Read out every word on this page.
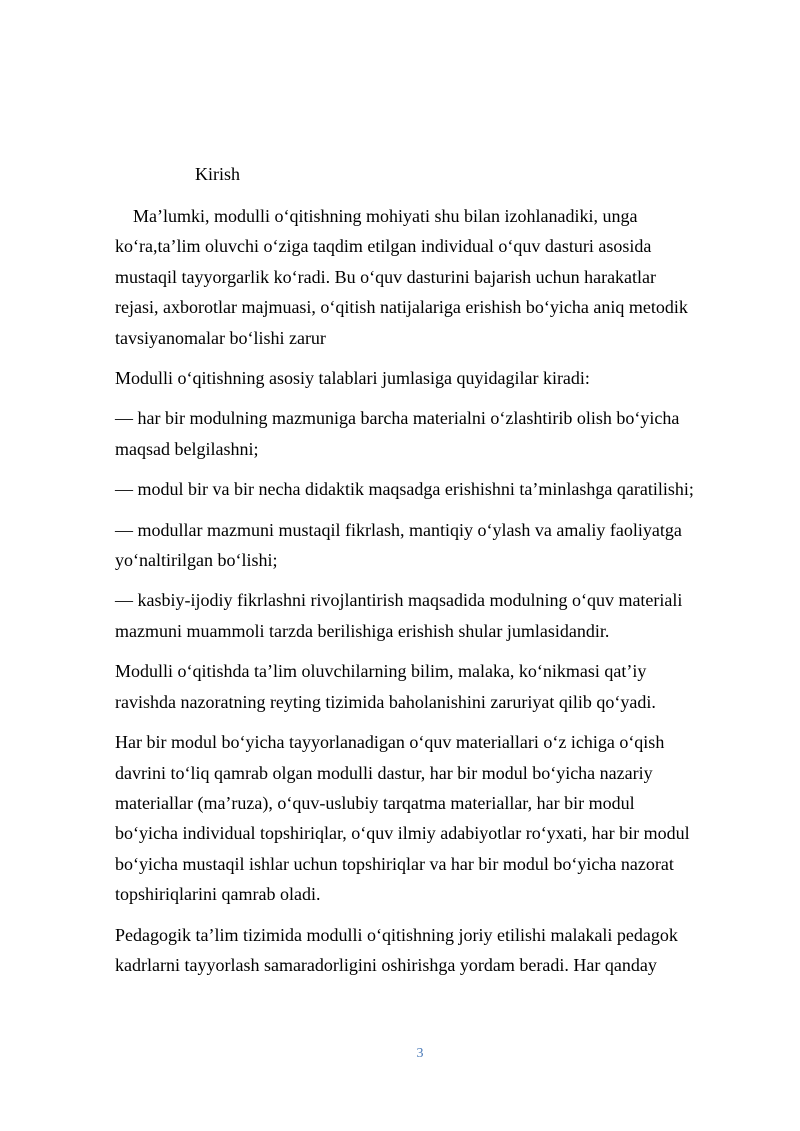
Kirish

Ma’lumki, modulli o‘qitishning mohiyati shu bilan izohlanadiki, unga
ko‘ra,ta’lim oluvchi o‘ziga taqdim etilgan individual o‘quv dasturi asosida
mustaqil tayyorgarlik ko‘radi. Bu o‘quv dasturini bajarish uchun harakatlar
rejasi, axborotlar majmuasi, o‘qitish natijalariga erishish bo‘yicha aniq metodik
tavsiyanomalar bo‘lishi zarur

Modulli o‘qitishning asosiy talablari jumlasiga quyidagilar kiradi:

— har bir modulning mazmuniga barcha materialni o‘zlashtirib olish bo‘yicha
maqsad belgilashni;

— modul bir va bir necha didaktik maqsadga erishishni ta’minlashga qaratilishi;

— modullar mazmuni mustaqil fikrlash, mantiqiy o‘ylash va amaliy faoliyatga
yo‘naltirilgan bo‘lishi;

— kasbiy-ijodiy fikrlashni rivojlantirish maqsadida modulning o‘quv materiali
mazmuni muammoli tarzda berilishiga erishish shular jumlasidandir.

Modulli o‘qitishda ta’lim oluvchilarning bilim, malaka, ko‘nikmasi qat’iy
ravishda nazoratning reyting tizimida baholanishini zaruriyat qilib qo‘yadi.

Har bir modul bo‘yicha tayyorlanadigan o‘quv materiallari o‘z ichiga o‘qish
davrini to‘liq qamrab olgan modulli dastur, har bir modul bo‘yicha nazariy
materiallar (ma’ruza), o‘quv-uslubiy tarqatma materiallar, har bir modul
bo‘yicha individual topshiriqlar, o‘quv ilmiy adabiyotlar ro‘yxati, har bir modul
bo‘yicha mustaqil ishlar uchun topshiriqlar va har bir modul bo‘yicha nazorat
topshiriqlarini qamrab oladi.

Pedagogik ta’lim tizimida modulli o‘qitishning joriy etilishi malakali pedagok
kadrlarni tayyorlash samaradorligini oshirishga yordam beradi. Har qanday

3
